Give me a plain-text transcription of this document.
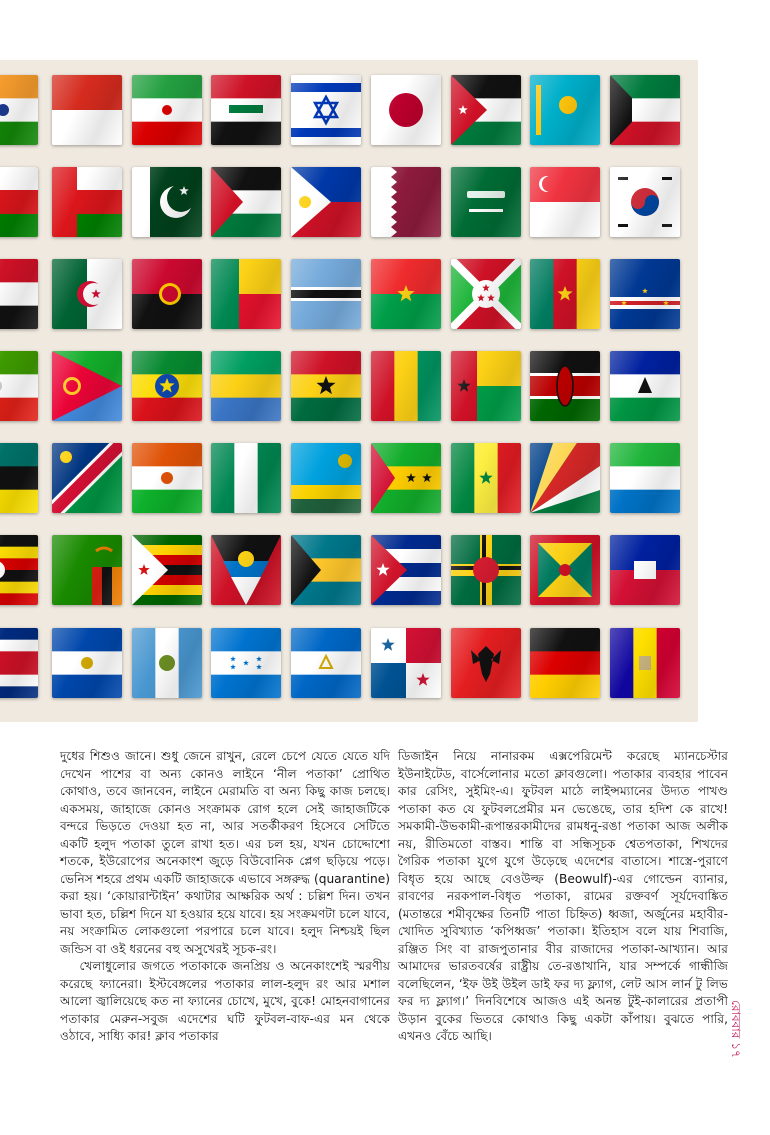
দুধের শিশুও জানে। শুধু জেনে রাখুন, রেলে চেপে যেতে যেতে যদি দেখেন পাশের বা অন্য কোনও লাইনে ‘নীল পতাকা’ প্রোথিত কোথাও, তবে জানবেন, লাইনে মেরামতি বা অন্য কিছু কাজ চলছে। একসময়, জাহাজে কোনও সংক্রামক রোগ হলে সেই জাহাজটিকে বন্দরে ভিড়তে দেওয়া হত না, আর সতর্কীকরণ হিসেবে সেটিতে একটি হলুদ পতাকা তুলে রাখা হত। এর চল হয়, যখন চোদ্দোশো শতকে, ইউরোপের অনেকাংশ জুড়ে বিউবোনিক প্লেগ ছড়িয়ে পড়ে। ভেনিস শহরে প্রথম একটি জাহাজকে এভাবে সঙ্গরুদ্ধ (quarantine) করা হয়। ‘কোয়ারান্টাইন’ কথাটার আক্ষরিক অর্থ : চল্লিশ দিন। তখন ভাবা হত, চল্লিশ দিনে যা হওয়ার হয়ে যাবে। হয় সংক্রমণটা চলে যাবে, নয় সংক্রামিত লোকগুলো পরপারে চলে যাবে। হলুদ নিশ্চয়ই ছিল জন্ডিস বা ওই ধরনের বহু অসুখেরই সূচক-রং।

খেলাধুলোর জগতে পতাকাকে জনপ্রিয় ও অনেকাংশেই স্মরণীয় করেছে ফ্যানেরা। ইস্টবেঙ্গলের পতাকার লাল-হলুদ রং আর মশাল আলো জ্বালিয়েছে কত না ফ্যানের চোখে, মুখে, বুকে! মোহনবাগানের পতাকার মেরুন-সবুজ এদেশের ঘটি ফুটবল-বাফ-এর মন থেকে ওঠাবে, সাধ্যি কার! ক্লাব পতাকার

ডিজাইন নিয়ে নানারকম এক্সপেরিমেন্ট করেছে ম্যানচেস্টার ইউনাইটেড, বার্সেলোনার মতো ক্লাবগুলো। পতাকার ব্যবহার পাবেন কার রেসিং, সুইমিং-এ। ফুটবল মাঠে লাইন্সম্যানের উদ্যত পাখণ্ড পতাকা কত যে ফুটবলপ্রেমীর মন ভেঙেছে, তার হদিশ কে রাখে! সমকামী-উভকামী-রূপান্তরকামীদের রামধনু-রঙা পতাকা আজ অলীক নয়, রীতিমতো বাস্তব। শান্তি বা সন্ধিসূচক শ্বেতপতাকা, শিখদের গৈরিক পতাকা যুগে যুগে উড়েছে এদেশের বাতাসে। শাস্ত্রে-পুরাণে বিধৃত হয়ে আছে বেওউল্ফ (Beowulf)-এর গোল্ডেন ব্যানার, রাবণের নরকপাল-বিধৃত পতাকা, রামের রক্তবর্ণ সূর্যদেবাঙ্কিত (মতান্তরে শমীবৃক্ষের তিনটি পাতা চিহ্নিত) ধ্বজা, অর্জুনের মহাবীর-খোদিত সুবিখ্যাত ‘কপিধ্বজ’ পতাকা। ইতিহাস বলে যায় শিবাজি, রঞ্জিত সিং বা রাজপুতানার বীর রাজাদের পতাকা-আখ্যান। আর আমাদের ভারতবর্ষের রাষ্ট্রীয় তে-রঙাখানি, যার সম্পর্কে গান্ধীজি বলেছিলেন, ‘ইফ উই উইল ডাই ফর দ্য ফ্ল্যাগ, লেট আস লার্ন টু লিভ ফর দ্য ফ্ল্যাগ।’ দিনবিশেষে আজও এই অনন্ত টুই-কালারের প্রতাপী উড়ান বুকের ভিতরে কোথাও কিছু একটা কাঁপায়। বুঝতে পারি, এখনও বেঁচে আছি।	রোববার ১৭
